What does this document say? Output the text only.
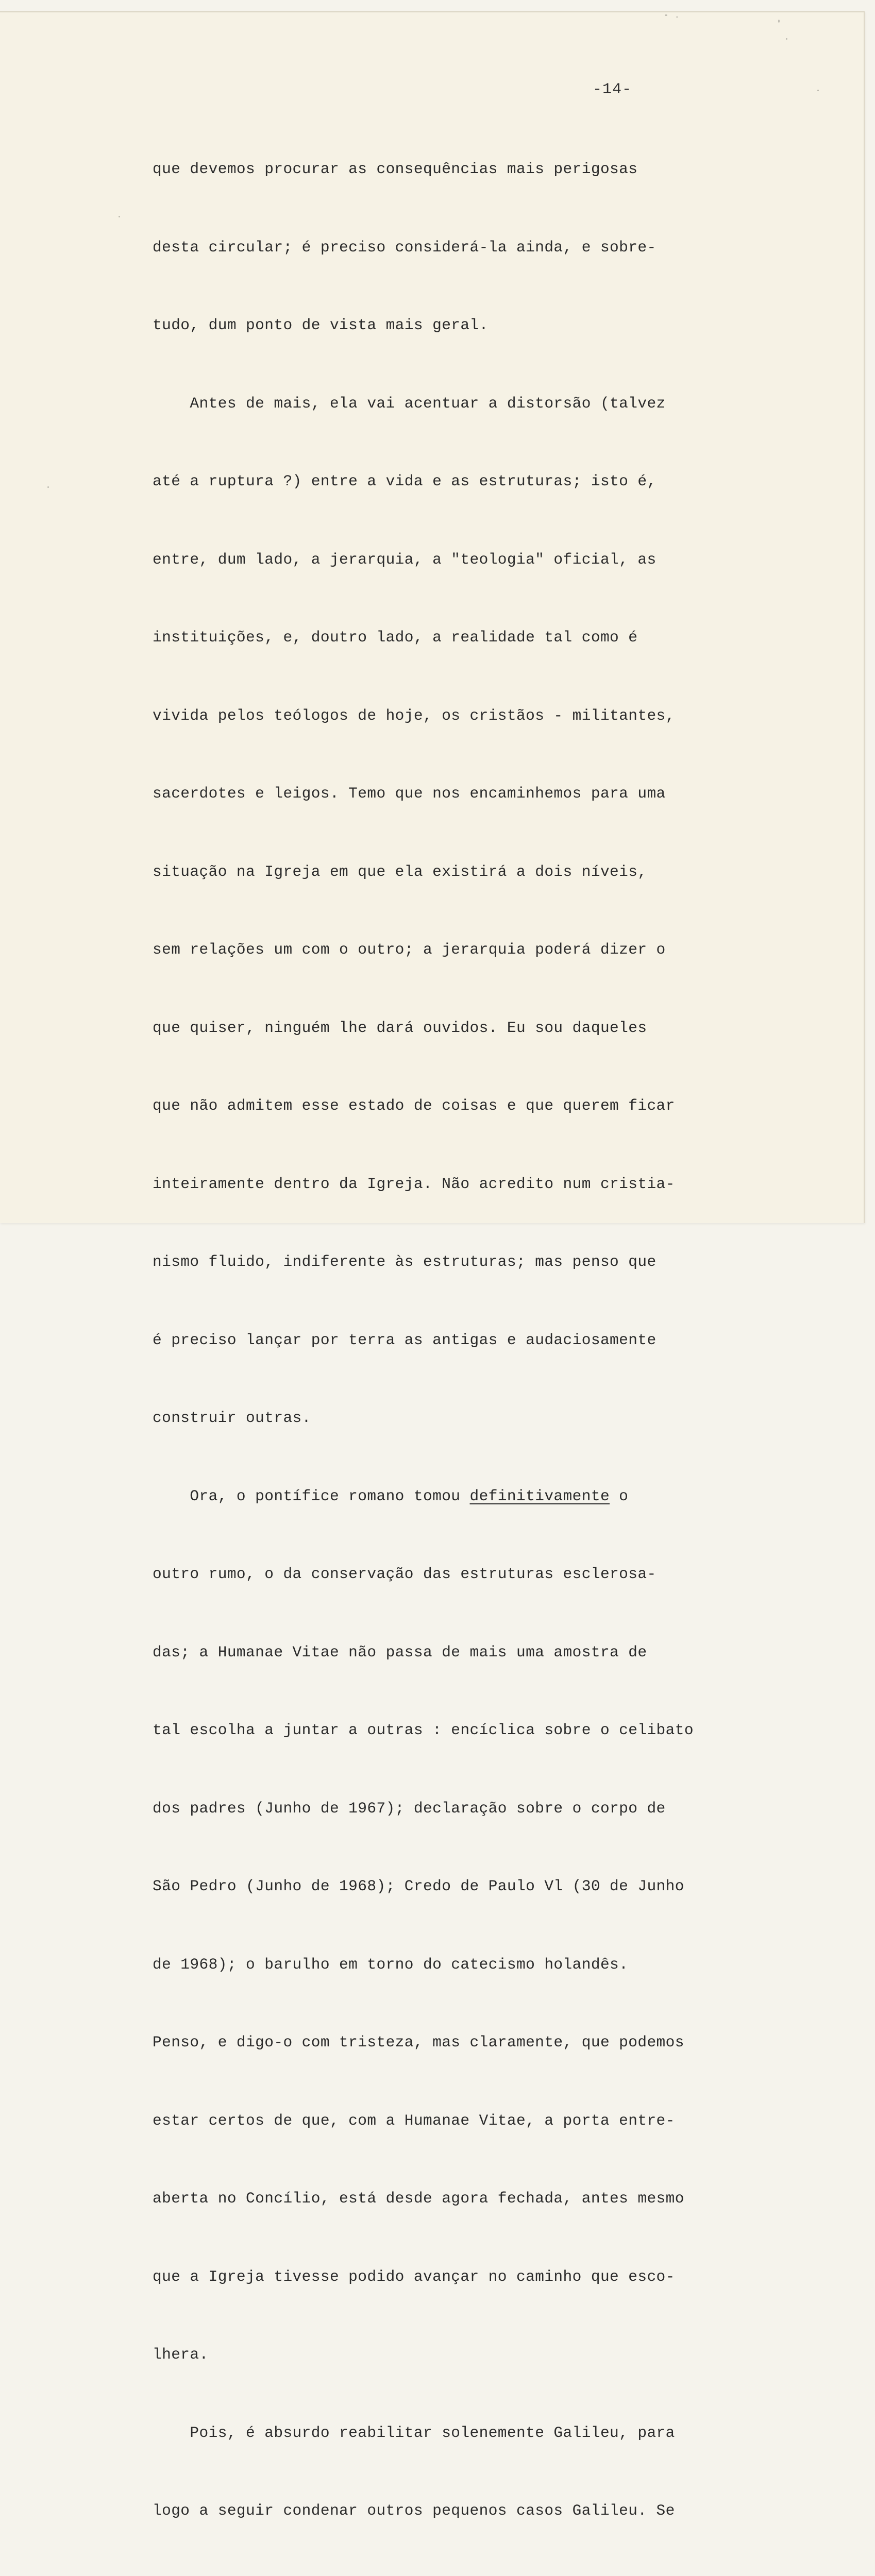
-14-

que devemos procurar as consequências mais perigosas

desta circular; é preciso considerá-la ainda, e sobre-

tudo, dum ponto de vista mais geral.

Antes de mais, ela vai acentuar a distorsão (talvez

até a ruptura ?) entre a vida e as estruturas; isto é,

entre, dum lado, a jerarquia, a "teologia" oficial, as

instituições, e, doutro lado, a realidade tal como é

vivida pelos teólogos de hoje, os cristãos - militantes,

sacerdotes e leigos. Temo que nos encaminhemos para uma

situação na Igreja em que ela existirá a dois níveis,

sem relações um com o outro; a jerarquia poderá dizer o

que quiser, ninguém lhe dará ouvidos. Eu sou daqueles

que não admitem esse estado de coisas e que querem ficar

inteiramente dentro da Igreja. Não acredito num cristia-

nismo fluido, indiferente às estruturas; mas penso que

é preciso lançar por terra as antigas e audaciosamente

construir outras.

Ora, o pontífice romano tomou definitivamente o

outro rumo, o da conservação das estruturas esclerosa-

das; a Humanae Vitae não passa de mais uma amostra de

tal escolha a juntar a outras : encíclica sobre o celibato

dos padres (Junho de 1967); declaração sobre o corpo de

São Pedro (Junho de 1968); Credo de Paulo Vl (30 de Junho

de 1968); o barulho em torno do catecismo holandês.

Penso, e digo-o com tristeza, mas claramente, que podemos

estar certos de que, com a Humanae Vitae, a porta entre-

aberta no Concílio, está desde agora fechada, antes mesmo

que a Igreja tivesse podido avançar no caminho que esco-

lhera.

Pois, é absurdo reabilitar solenemente Galileu, para

logo a seguir condenar outros pequenos casos Galileu. Se
